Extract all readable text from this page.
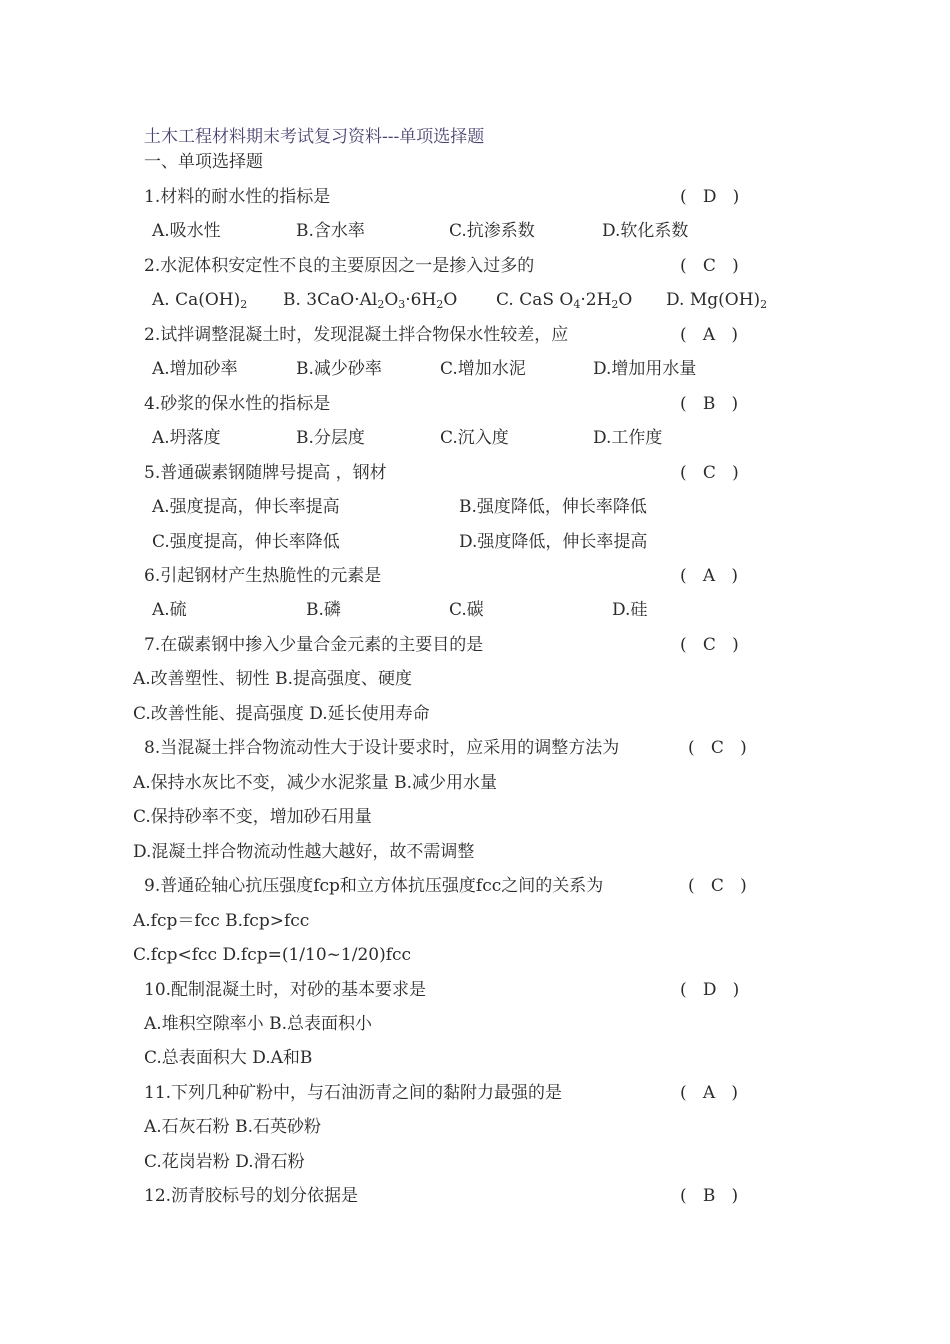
土木工程材料期末考试复习资料---单项选择题
一、单项选择题
1.材料的耐水性的指标是	(   D   )
A.吸水性	B.含水率	C.抗渗系数	D.软化系数
2.水泥体积安定性不良的主要原因之一是掺入过多的	(   C   )
A. $Ca(OH)_2$ B. $3CaO\cdot Al_2O_3\cdot 6H_2O$ C. CaS $O_4\cdot 2H_2O$ D. $Mg(OH)_2$
2.试拌调整混凝土时，发现混凝土拌合物保水性较差，应	(   A   )
A.增加砂率	B.减少砂率	C.增加水泥	D.增加用水量
4.砂浆的保水性的指标是	(   B   )
A.坍落度	B.分层度	C.沉入度	D.工作度
5.普通碳素钢随牌号提高 ，钢材	(   C   )
A.强度提高，伸长率提高	B.强度降低，伸长率降低
C.强度提高，伸长率降低	D.强度降低，伸长率提高
6.引起钢材产生热脆性的元素是	(   A   )
A.硫	B.磷	C.碳	D.硅
7.在碳素钢中掺入少量合金元素的主要目的是	(   C   )
A.改善塑性、韧性 B.提高强度、硬度
C.改善性能、提高强度 D.延长使用寿命
8.当混凝土拌合物流动性大于设计要求时，应采用的调整方法为	(   C   )
A.保持水灰比不变，减少水泥浆量 B.减少用水量
C.保持砂率不变，增加砂石用量
D.混凝土拌合物流动性越大越好，故不需调整
9.普通砼轴心抗压强度fcp和立方体抗压强度fcc之间的关系为	(   C   )
A.fcp＝fcc B.fcp>fcc
C.fcp<fcc D.fcp=(1/10~1/20)fcc
10.配制混凝土时，对砂的基本要求是	(   D   )
A.堆积空隙率小 B.总表面积小
C.总表面积大 D.A和B
11.下列几种矿粉中，与石油沥青之间的黏附力最强的是	(   A   )
A.石灰石粉 B.石英砂粉
C.花岗岩粉 D.滑石粉
12.沥青胶标号的划分依据是	(   B   )
